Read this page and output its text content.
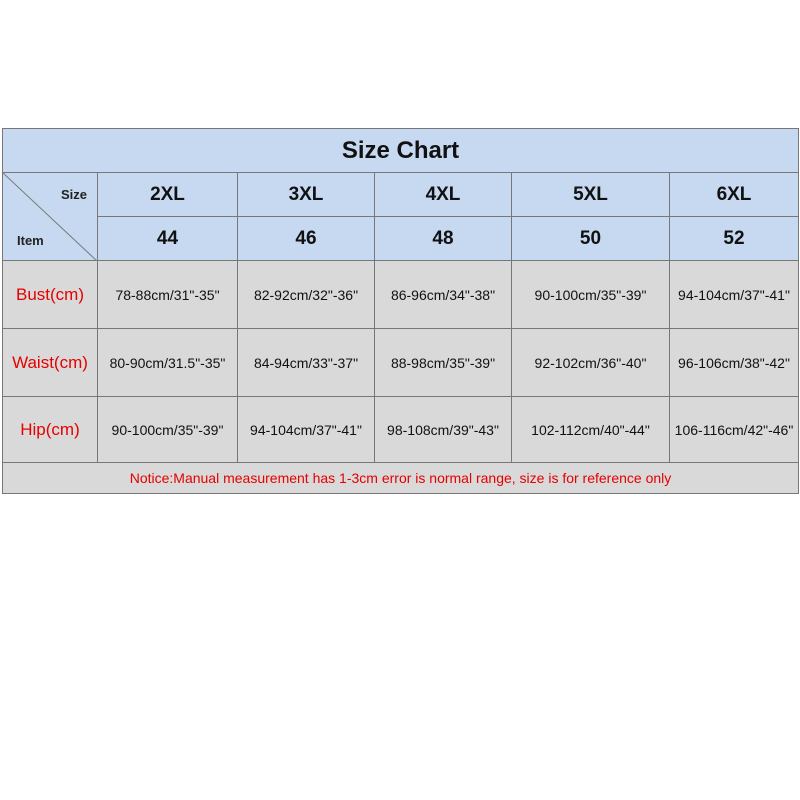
Size Chart
Size
Item
2XL	3XL	4XL	5XL	6XL
44	46	48	50	52
Bust(cm)	78-88cm/31"-35"	82-92cm/32"-36"	86-96cm/34"-38"	90-100cm/35"-39"	94-104cm/37"-41"
Waist(cm)	80-90cm/31.5"-35"	84-94cm/33"-37"	88-98cm/35"-39"	92-102cm/36"-40"	96-106cm/38"-42"
Hip(cm)	90-100cm/35"-39"	94-104cm/37"-41"	98-108cm/39"-43"	102-112cm/40"-44"	106-116cm/42"-46"
Notice:Manual measurement has 1-3cm error is normal range, size is for reference only
